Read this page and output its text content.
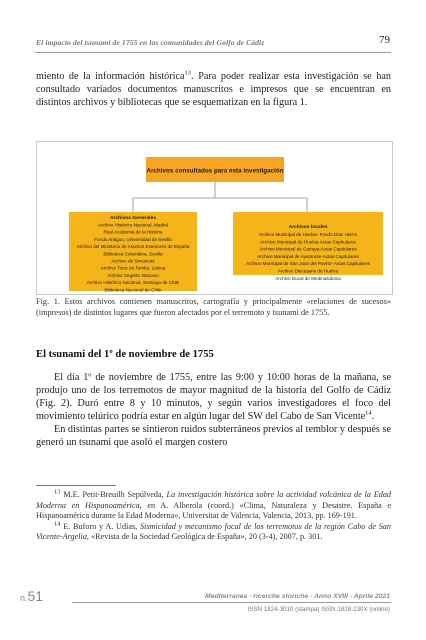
El impacto del tsunami de 1755 en las comunidades del Golfo de Cádiz	79

miento de la información histórica$^{13}$. Para poder realizar esta investigación se han consultado variados documentos manuscritos e impresos que se encuentran en distintos archivos y bibliotecas que se esquematizan en la figura 1.

Archivos consultados para esta investigación
Archivos Generales
Archivo Histórico Nacional, Madrid
Real Academia de la Historia
Fondo Antiguo, Universidad de Sevilla
Archivo del Ministerio de Asuntos Exteriores de España
Biblioteca Colombina, Sevilla
Archivo de Simancas
Archivo Torre do Tombo, Lisboa
Archivo Segreto Vaticano
Archivo Histórico Nacional, Santiago de Chile
Biblioteca Nacional de Chile
Archivos locales
Archivo Municipal de Huelva- Fondo Díaz Hierro
Archivo Municipal de Huelva-Actas Capitulares
Archivo Municipal de Cartaya-Actas Capitulares
Archivo Municipal de Ayamonte-Actas Capitulares
Archivo Municipal de San Juan del Puerto- Actas Capitulares
Archivo Diocesano de Huelva
Archivo Ducal de Medinasidonia
Fig. 1. Estos archivos contienen manuscritos, cartografía y principalmente «relaciones de sucesos» (impresos) de distintos lugares que fueron afectados por el terremoto y tsunami de 1755.
El tsunami del 1º de noviembre de 1755

El día 1º de noviembre de 1755, entre las 9:00 y 10:00 horas de la mañana, se produjo uno de los terremotos de mayor magnitud de la historia del Golfo de Cádiz (Fig. 2). Duró entre 8 y 10 minutos, y según varios investigadores el foco del movimiento telúrico podría estar en algún lugar del SW del Cabo de San Vicente$^{14}$.

En distintas partes se sintieron ruidos subterráneos previos al temblor y después se generó un tsunami que asoló el margen costero

$^{13}$ M.E. Petit-Breuilh Sepúlveda, La investigación histórica sobre la actividad volcánica de la Edad Moderna en Hispanoamérica, en A. Alberola (coord.) «Clima, Naturaleza y Desastre. España e Hispanoamérica durante la Edad Moderna», Universitat de Valencia, Valencia, 2013, pp. 169-191.

$^{14}$ E. Buforn y A. Udías, Sismicidad y mecanismo focal de los terremotos de la región Cabo de San Vicente-Argelia, «Revista de la Sociedad Geológica de España», 20 (3-4), 2007, p. 301.

n.51	Mediterranea - ricerche storiche - Anno XVIII - Aprile 2021
ISSN 1824-3010 (stampa) ISSN 1828-230X (online)
